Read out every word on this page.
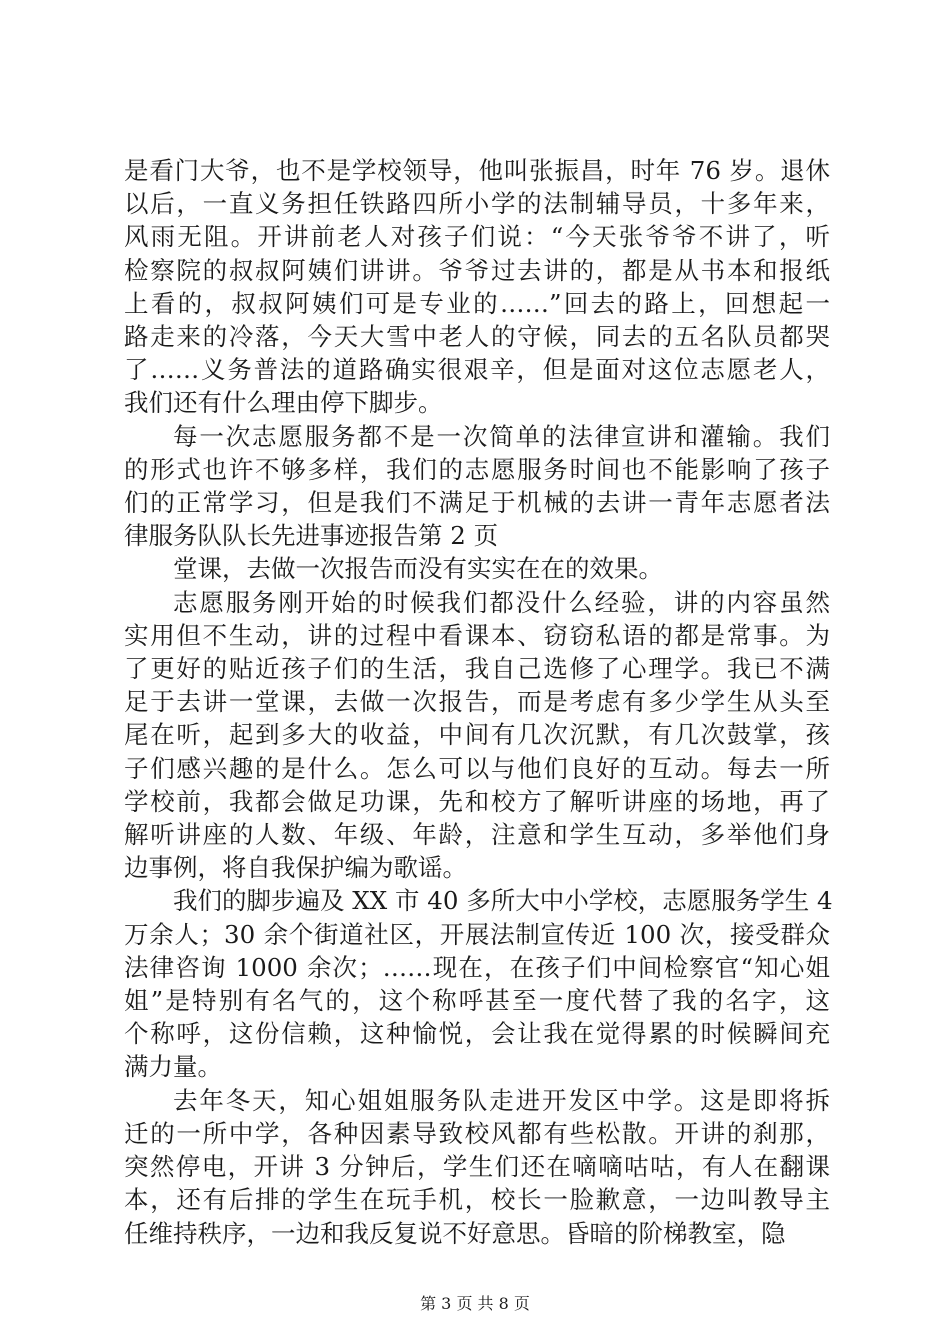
是看门大爷，也不是学校领导，他叫张振昌，时年 76 岁。退休
以后，一直义务担任铁路四所小学的法制辅导员，十多年来，
风雨无阻。开讲前老人对孩子们说：“今天张爷爷不讲了，听
检察院的叔叔阿姨们讲讲。爷爷过去讲的，都是从书本和报纸
上看的，叔叔阿姨们可是专业的……”回去的路上，回想起一
路走来的冷落，今天大雪中老人的守候，同去的五名队员都哭
了……义务普法的道路确实很艰辛，但是面对这位志愿老人，
我们还有什么理由停下脚步。
每一次志愿服务都不是一次简单的法律宣讲和灌输。我们
的形式也许不够多样，我们的志愿服务时间也不能影响了孩子
们的正常学习，但是我们不满足于机械的去讲一青年志愿者法
律服务队队长先进事迹报告第 2 页
堂课，去做一次报告而没有实实在在的效果。
志愿服务刚开始的时候我们都没什么经验，讲的内容虽然
实用但不生动，讲的过程中看课本、窃窃私语的都是常事。为
了更好的贴近孩子们的生活，我自己选修了心理学。我已不满
足于去讲一堂课，去做一次报告，而是考虑有多少学生从头至
尾在听，起到多大的收益，中间有几次沉默，有几次鼓掌，孩
子们感兴趣的是什么。怎么可以与他们良好的互动。每去一所
学校前，我都会做足功课，先和校方了解听讲座的场地，再了
解听讲座的人数、年级、年龄，注意和学生互动，多举他们身
边事例，将自我保护编为歌谣。
我们的脚步遍及 XX 市 40 多所大中小学校，志愿服务学生 4
万余人；30 余个街道社区，开展法制宣传近 100 次，接受群众
法律咨询 1000 余次；……现在，在孩子们中间检察官“知心姐
姐”是特别有名气的，这个称呼甚至一度代替了我的名字，这
个称呼，这份信赖，这种愉悦，会让我在觉得累的时候瞬间充
满力量。
去年冬天，知心姐姐服务队走进开发区中学。这是即将拆
迁的一所中学，各种因素导致校风都有些松散。开讲的刹那，
突然停电，开讲 3 分钟后，学生们还在嘀嘀咕咕，有人在翻课
本，还有后排的学生在玩手机，校长一脸歉意，一边叫教导主
任维持秩序，一边和我反复说不好意思。昏暗的阶梯教室，隐
第 3 页 共 8 页
